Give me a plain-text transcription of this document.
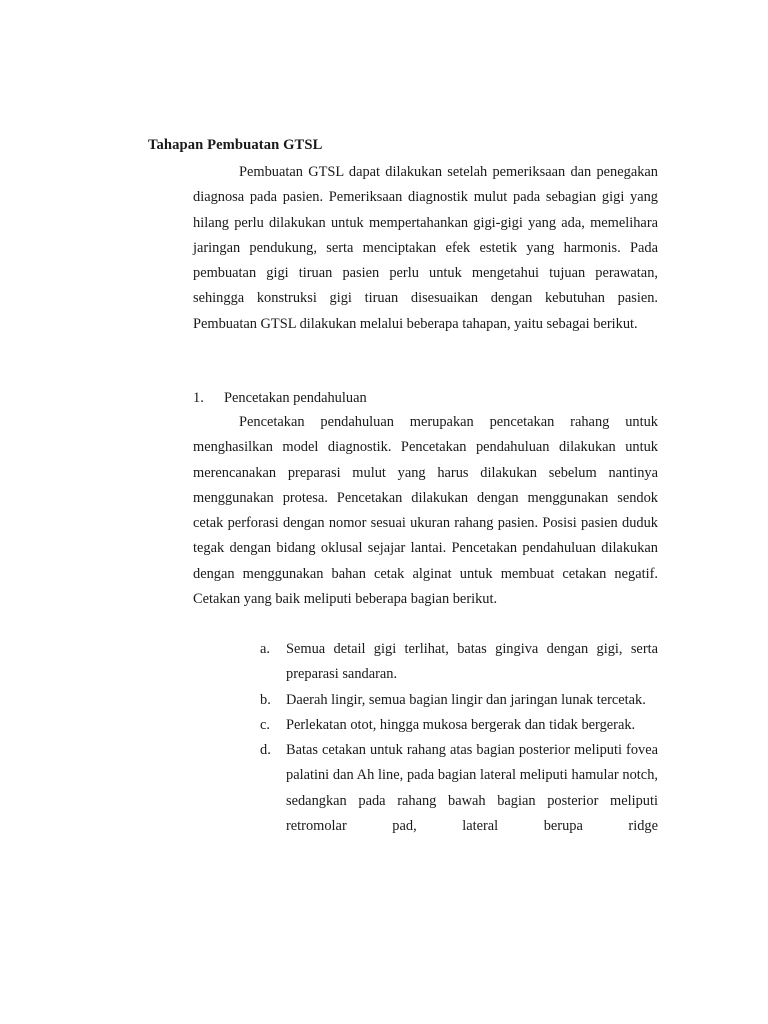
Tahapan Pembuatan GTSL

Pembuatan GTSL dapat dilakukan setelah pemeriksaan dan penegakan diagnosa pada pasien. Pemeriksaan diagnostik mulut pada sebagian gigi yang hilang perlu dilakukan untuk mempertahankan gigi-gigi yang ada, memelihara jaringan pendukung, serta menciptakan efek estetik yang harmonis. Pada pembuatan gigi tiruan pasien perlu untuk mengetahui tujuan perawatan, sehingga konstruksi gigi tiruan disesuaikan dengan kebutuhan pasien. Pembuatan GTSL dilakukan melalui beberapa tahapan, yaitu sebagai berikut.

1.	Pencetakan pendahuluan

Pencetakan pendahuluan merupakan pencetakan rahang untuk menghasilkan model diagnostik. Pencetakan pendahuluan dilakukan untuk merencanakan preparasi mulut yang harus dilakukan sebelum nantinya menggunakan protesa. Pencetakan dilakukan dengan menggunakan sendok cetak perforasi dengan nomor sesuai ukuran rahang pasien. Posisi pasien duduk tegak dengan bidang oklusal sejajar lantai. Pencetakan pendahuluan dilakukan dengan menggunakan bahan cetak alginat untuk membuat cetakan negatif. Cetakan yang baik meliputi beberapa bagian berikut.

a.	Semua detail gigi terlihat, batas gingiva dengan gigi, serta preparasi sandaran.

b.	Daerah lingir, semua bagian lingir dan jaringan lunak tercetak.

c.	Perlekatan otot, hingga mukosa bergerak dan tidak bergerak.

d.	Batas cetakan untuk rahang atas bagian posterior meliputi fovea palatini dan Ah line, pada bagian lateral meliputi hamular notch, sedangkan pada rahang bawah bagian posterior meliputi retromolar pad, lateral berupa ridge
